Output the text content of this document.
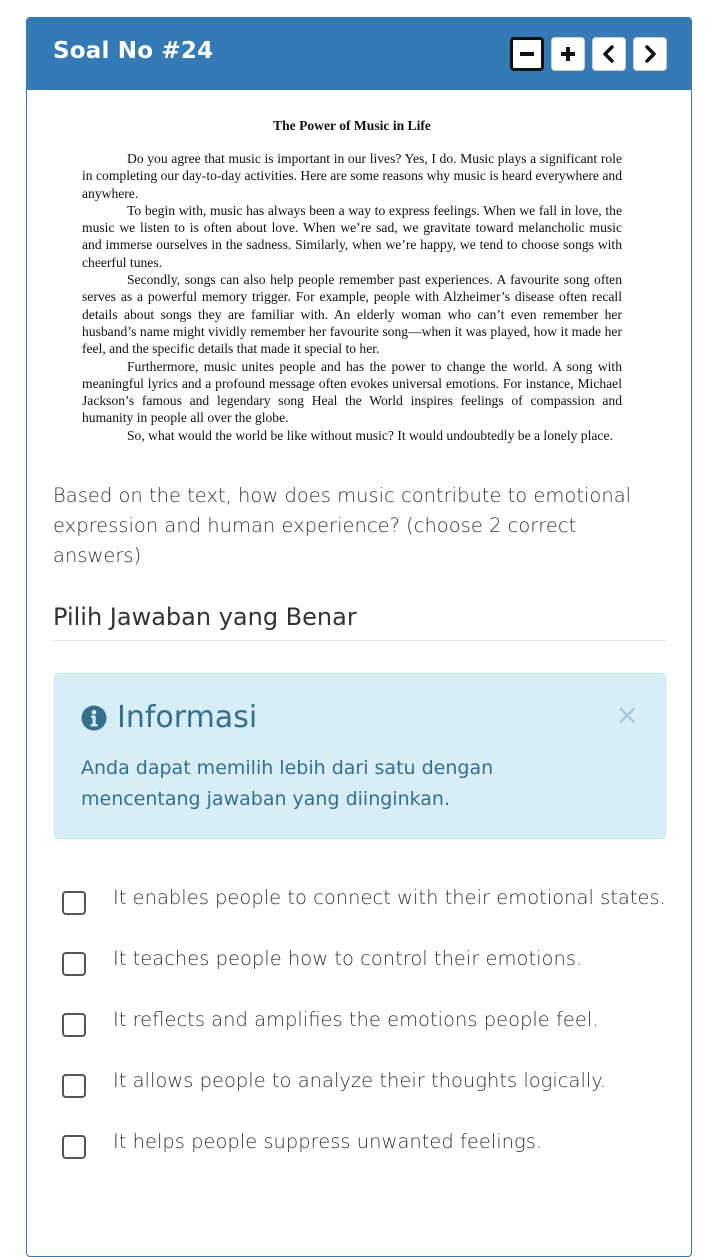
Soal No #24
The Power of Music in Life

Do you agree that music is important in our lives? Yes, I do. Music plays a significant role in completing our day-to-day activities. Here are some reasons why music is heard everywhere and anywhere.

To begin with, music has always been a way to express feelings. When we fall in love, the music we listen to is often about love. When we’re sad, we gravitate toward melancholic music and immerse ourselves in the sadness. Similarly, when we’re happy, we tend to choose songs with cheerful tunes.

Secondly, songs can also help people remember past experiences. A favourite song often serves as a powerful memory trigger. For example, people with Alzheimer’s disease often recall details about songs they are familiar with. An elderly woman who can’t even remember her husband’s name might vividly remember her favourite song—when it was played, how it made her feel, and the specific details that made it special to her.

Furthermore, music unites people and has the power to change the world. A song with meaningful lyrics and a profound message often evokes universal emotions. For instance, Michael Jackson’s famous and legendary song Heal the World inspires feelings of compassion and humanity in people all over the globe.

So, what would the world be like without music? It would undoubtedly be a lonely place.

Based on the text, how does music contribute to emotional expression and human experience? (choose 2 correct answers)
Pilih Jawaban yang Benar
Informasi	×
Anda dapat memilih lebih dari satu dengan mencentang jawaban yang diinginkan.
It enables people to connect with their emotional states.
It teaches people how to control their emotions.
It reflects and amplifies the emotions people feel.
It allows people to analyze their thoughts logically.
It helps people suppress unwanted feelings.
